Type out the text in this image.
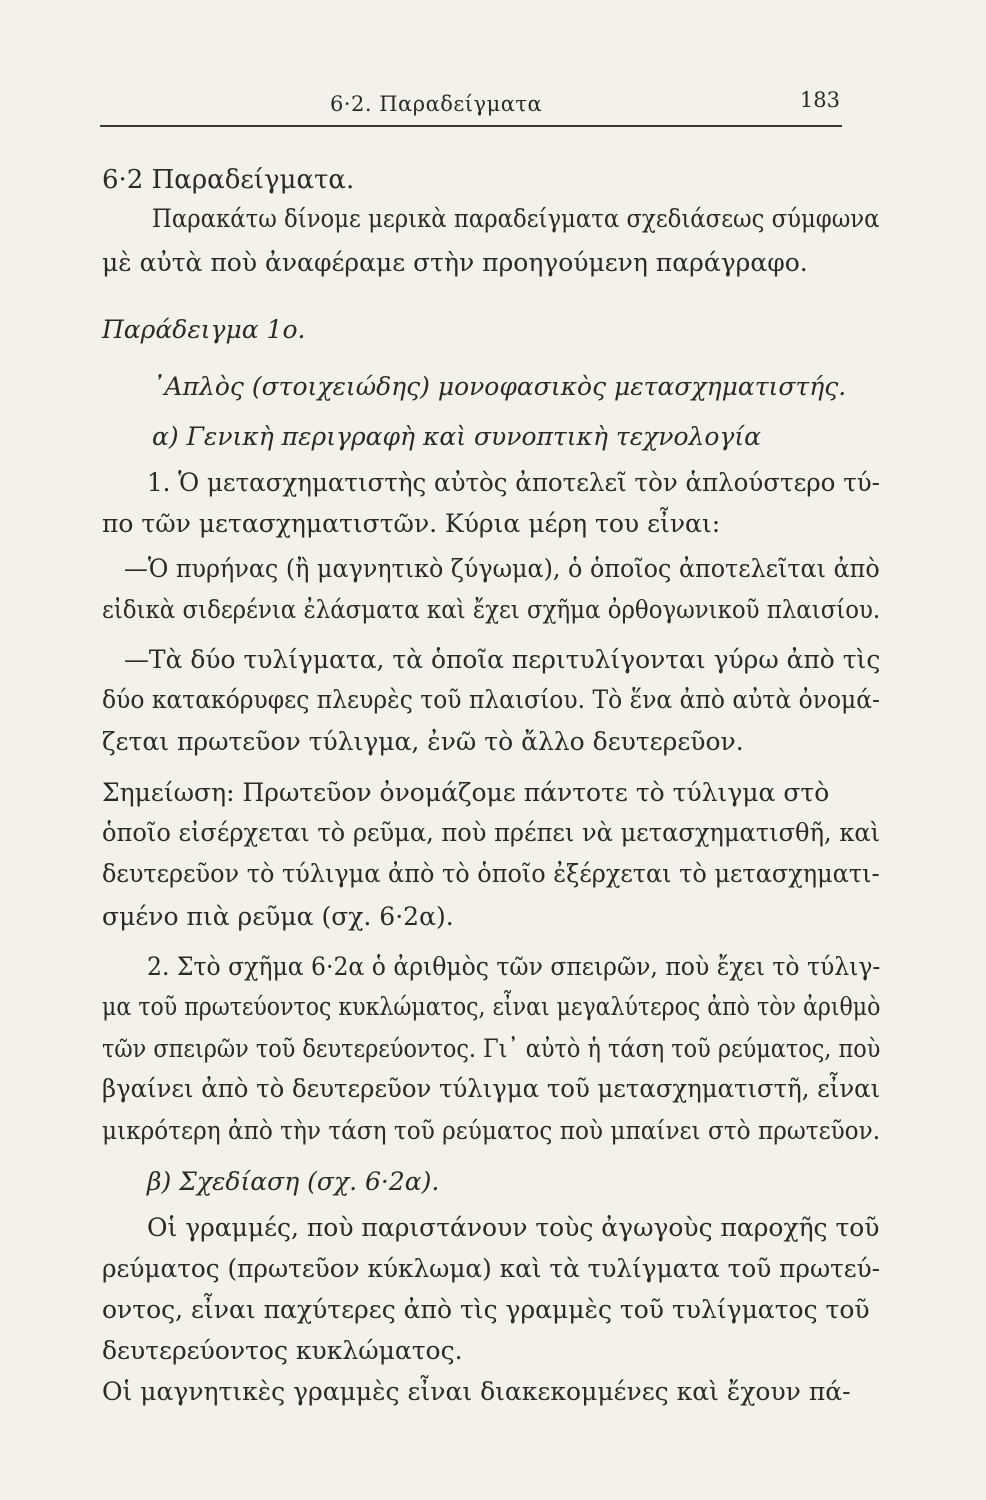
6·2. Παραδείγματα	183
6·2 Παραδείγματα.
Παρακάτω δίνομε μερικὰ παραδείγματα σχεδιάσεως σύμφωνα
μὲ αὐτὰ ποὺ ἀναφέραμε στὴν προηγούμενη παράγραφο.
Παράδειγμα 1ο.
᾿Απλὸς (στοιχειώδης) μονοφασικὸς μετασχηματιστής.
α) Γενικὴ περιγραφὴ καὶ συνοπτικὴ τεχνολογία
1. Ὁ μετασχηματιστὴς αὐτὸς ἀποτελεῖ τὸν ἁπλούστερο τύ-
πο τῶν μετασχηματιστῶν. Κύρια μέρη του εἶναι:
—Ὁ πυρήνας (ἢ μαγνητικὸ ζύγωμα), ὁ ὁποῖος ἀποτελεῖται ἀπὸ
εἰδικὰ σιδερένια ἐλάσματα καὶ ἔχει σχῆμα ὀρθογωνικοῦ πλαισίου.
—Τὰ δύο τυλίγματα, τὰ ὁποῖα περιτυλίγονται γύρω ἀπὸ τὶς
δύο κατακόρυφες πλευρὲς τοῦ πλαισίου. Τὸ ἕνα ἀπὸ αὐτὰ ὀνομά-
ζεται πρωτεῦον τύλιγμα, ἐνῶ τὸ ἄλλο δευτερεῦον.
Σημείωση: Πρωτεῦον ὀνομάζομε πάντοτε τὸ τύλιγμα στὸ
ὁποῖο εἰσέρχεται τὸ ρεῦμα, ποὺ πρέπει νὰ μετασχηματισθῆ, καὶ
δευτερεῦον τὸ τύλιγμα ἀπὸ τὸ ὁποῖο ἐξέρχεται τὸ μετασχηματι-
σμένο πιὰ ρεῦμα (σχ. 6·2α).
2. Στὸ σχῆμα 6·2α ὁ ἀριθμὸς τῶν σπειρῶν, ποὺ ἔχει τὸ τύλιγ-
μα τοῦ πρωτεύοντος κυκλώματος, εἶναι μεγαλύτερος ἀπὸ τὸν ἀριθμὸ
τῶν σπειρῶν τοῦ δευτερεύοντος. Γι᾿ αὐτὸ ἡ τάση τοῦ ρεύματος, ποὺ
βγαίνει ἀπὸ τὸ δευτερεῦον τύλιγμα τοῦ μετασχηματιστῆ, εἶναι
μικρότερη ἀπὸ τὴν τάση τοῦ ρεύματος ποὺ μπαίνει στὸ πρωτεῦον.
β) Σχεδίαση (σχ. 6·2α).
Οἱ γραμμές, ποὺ παριστάνουν τοὺς ἀγωγοὺς παροχῆς τοῦ
ρεύματος (πρωτεῦον κύκλωμα) καὶ τὰ τυλίγματα τοῦ πρωτεύ-
οντος, εἶναι παχύτερες ἀπὸ τὶς γραμμὲς τοῦ τυλίγματος τοῦ
δευτερεύοντος κυκλώματος.
Οἱ μαγνητικὲς γραμμὲς εἶναι διακεκομμένες καὶ ἔχουν πά-
